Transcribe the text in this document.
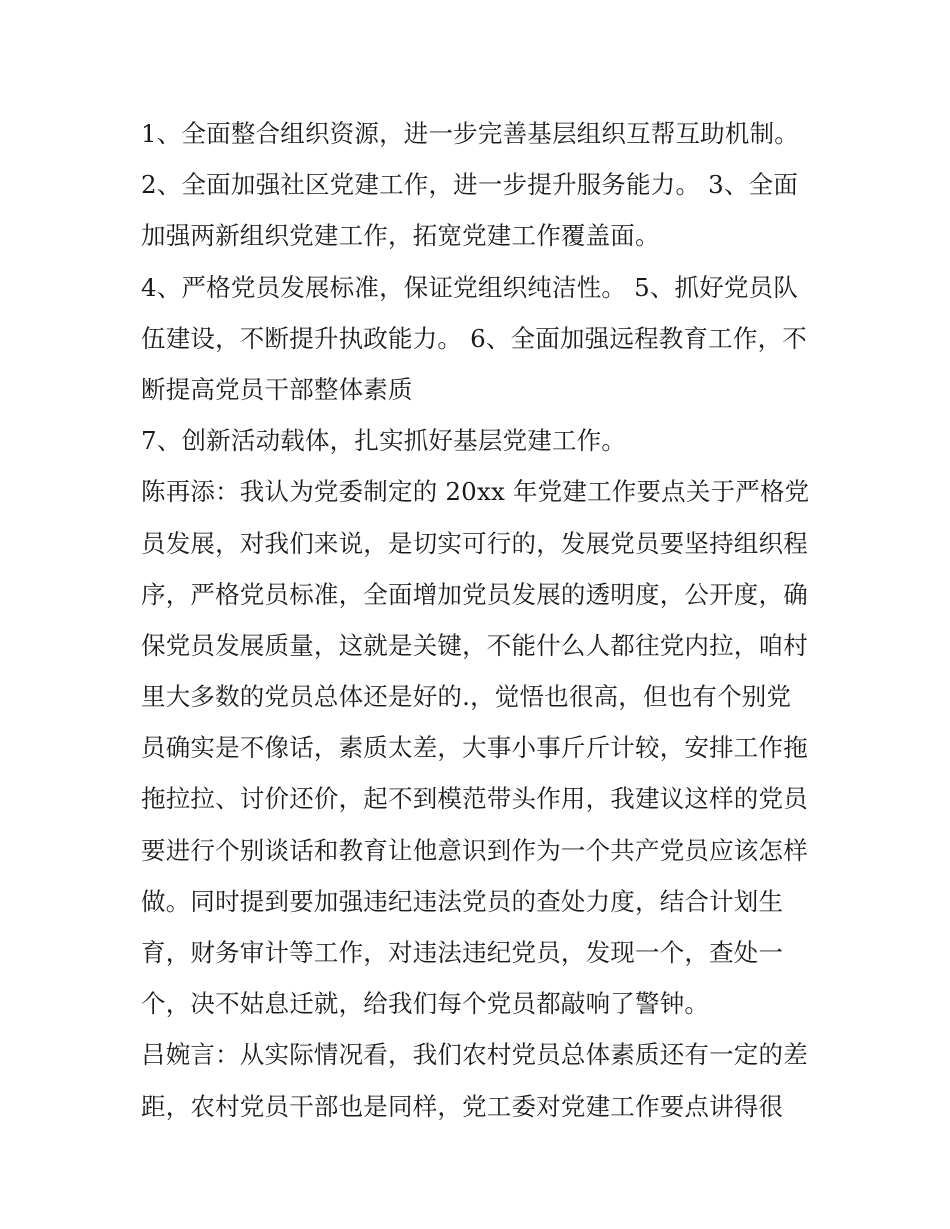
1、全面整合组织资源，进一步完善基层组织互帮互助机制。
2、全面加强社区党建工作，进一步提升服务能力。 3、全面
加强两新组织党建工作，拓宽党建工作覆盖面。
4、严格党员发展标准，保证党组织纯洁性。 5、抓好党员队
伍建设，不断提升执政能力。 6、全面加强远程教育工作，不
断提高党员干部整体素质
7、创新活动载体，扎实抓好基层党建工作。
陈再添：我认为党委制定的 20xx 年党建工作要点关于严格党
员发展，对我们来说，是切实可行的，发展党员要坚持组织程
序，严格党员标准，全面增加党员发展的透明度，公开度，确
保党员发展质量，这就是关键，不能什么人都往党内拉，咱村
里大多数的党员总体还是好的.，觉悟也很高，但也有个别党
员确实是不像话，素质太差，大事小事斤斤计较，安排工作拖
拖拉拉、讨价还价，起不到模范带头作用，我建议这样的党员
要进行个别谈话和教育让他意识到作为一个共产党员应该怎样
做。同时提到要加强违纪违法党员的查处力度，结合计划生
育，财务审计等工作，对违法违纪党员，发现一个，查处一
个，决不姑息迁就，给我们每个党员都敲响了警钟。
吕婉言：从实际情况看，我们农村党员总体素质还有一定的差
距，农村党员干部也是同样，党工委对党建工作要点讲得很
